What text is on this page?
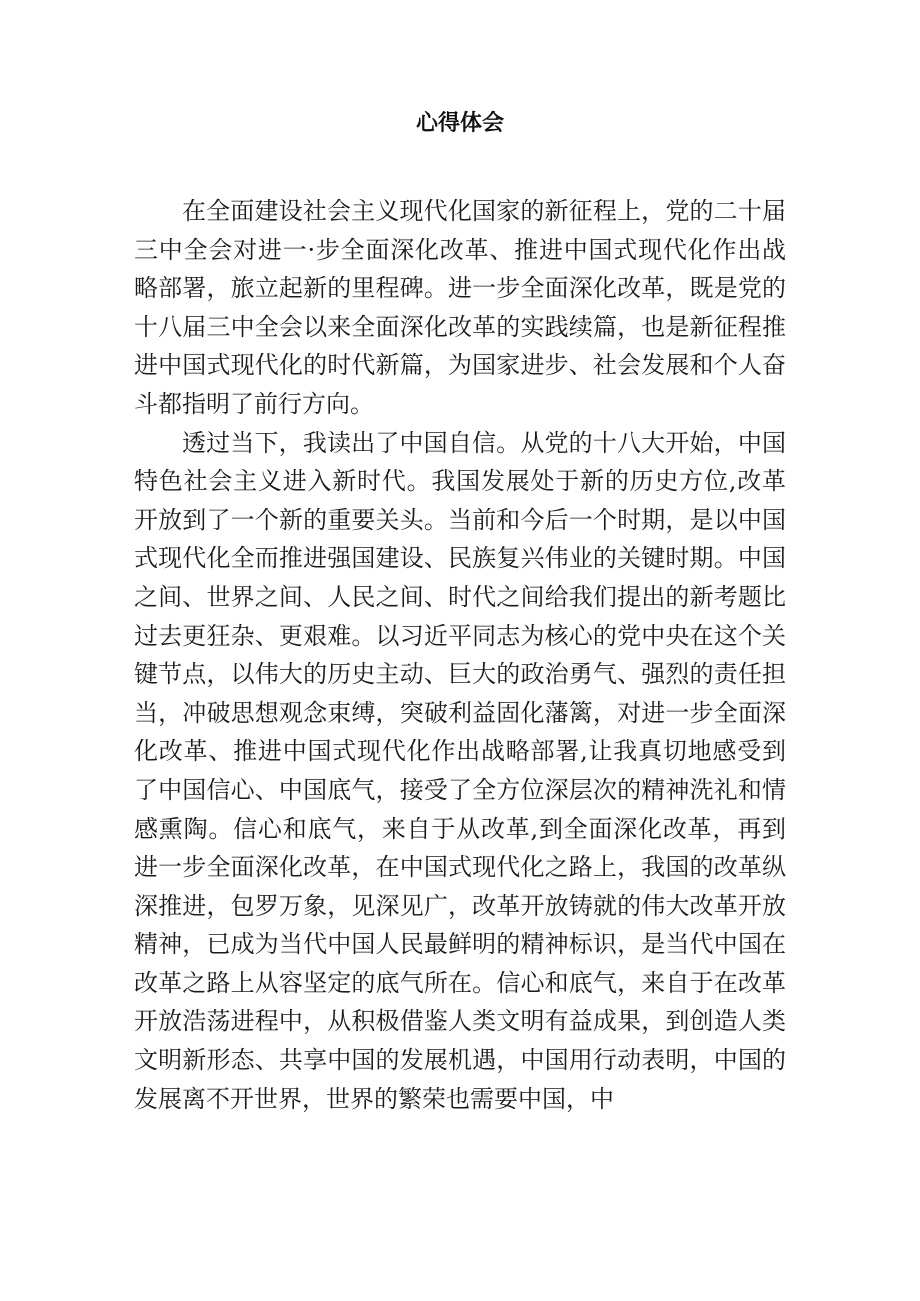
心得体会

在全面建设社会主义现代化国家的新征程上，党的二十届三中全会对进一·步全面深化改革、推进中国式现代化作出战略部署，旅立起新的里程碑。进一步全面深化改革，既是党的十八届三中全会以来全面深化改革的实践续篇，也是新征程推进中国式现代化的时代新篇，为国家进步、社会发展和个人奋斗都指明了前行方向。

透过当下，我读出了中国自信。从党的十八大开始，中国特色社会主义进入新时代。我国发展处于新的历史方位,改革开放到了一个新的重要关头。当前和今后一个时期，是以中国式现代化全而推进强国建设、民族复兴伟业的关键时期。中国之间、世界之间、人民之间、时代之间给我们提出的新考题比过去更狂杂、更艰难。以习近平同志为核心的党中央在这个关键节点，以伟大的历史主动、巨大的政治勇气、强烈的责任担当，冲破思想观念束缚，突破利益固化藩篱，对进一步全面深化改革、推进中国式现代化作出战略部署,让我真切地感受到了中国信心、中国底气，接受了全方位深层次的精神洗礼和情感熏陶。信心和底气，来自于从改革,到全面深化改革，再到进一步全面深化改革，在中国式现代化之路上，我国的改革纵深推进，包罗万象，见深见广，改革开放铸就的伟大改革开放精神，已成为当代中国人民最鲜明的精神标识，是当代中国在改革之路上从容坚定的底气所在。信心和底气，来自于在改革开放浩荡进程中，从积极借鉴人类文明有益成果，到创造人类文明新形态、共享中国的发展机遇，中国用行动表明，中国的发展离不开世界，世界的繁荣也需要中国，中
